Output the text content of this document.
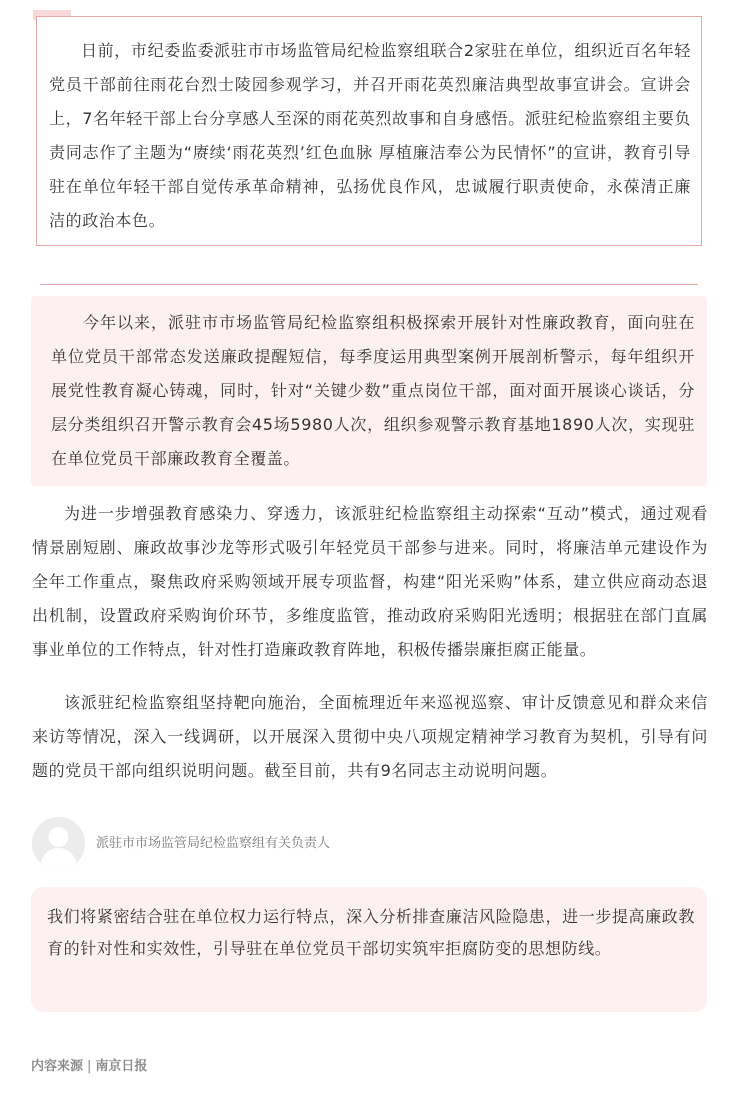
日前，市纪委监委派驻市市场监管局纪检监察组联合2家驻在单位，组织近百名年轻党员干部前往雨花台烈士陵园参观学习，并召开雨花英烈廉洁典型故事宣讲会。宣讲会上，7名年轻干部上台分享感人至深的雨花英烈故事和自身感悟。派驻纪检监察组主要负责同志作了主题为“赓续‘雨花英烈’红色血脉 厚植廉洁奉公为民情怀”的宣讲，教育引导驻在单位年轻干部自觉传承革命精神，弘扬优良作风，忠诚履行职责使命，永葆清正廉洁的政治本色。

今年以来，派驻市市场监管局纪检监察组积极探索开展针对性廉政教育，面向驻在单位党员干部常态发送廉政提醒短信，每季度运用典型案例开展剖析警示，每年组织开展党性教育凝心铸魂，同时，针对“关键少数”重点岗位干部，面对面开展谈心谈话，分层分类组织召开警示教育会45场5980人次，组织参观警示教育基地1890人次，实现驻在单位党员干部廉政教育全覆盖。

为进一步增强教育感染力、穿透力，该派驻纪检监察组主动探索“互动”模式，通过观看情景剧短剧、廉政故事沙龙等形式吸引年轻党员干部参与进来。同时，将廉洁单元建设作为全年工作重点，聚焦政府采购领域开展专项监督，构建“阳光采购”体系，建立供应商动态退出机制，设置政府采购询价环节，多维度监管，推动政府采购阳光透明；根据驻在部门直属事业单位的工作特点，针对性打造廉政教育阵地，积极传播崇廉拒腐正能量。

该派驻纪检监察组坚持靶向施治，全面梳理近年来巡视巡察、审计反馈意见和群众来信来访等情况，深入一线调研，以开展深入贯彻中央八项规定精神学习教育为契机，引导有问题的党员干部向组织说明问题。截至目前，共有9名同志主动说明问题。

派驻市市场监管局纪检监察组有关负责人

我们将紧密结合驻在单位权力运行特点，深入分析排查廉洁风险隐患，进一步提高廉政教育的针对性和实效性，引导驻在单位党员干部切实筑牢拒腐防变的思想防线。

内容来源 | 南京日报
